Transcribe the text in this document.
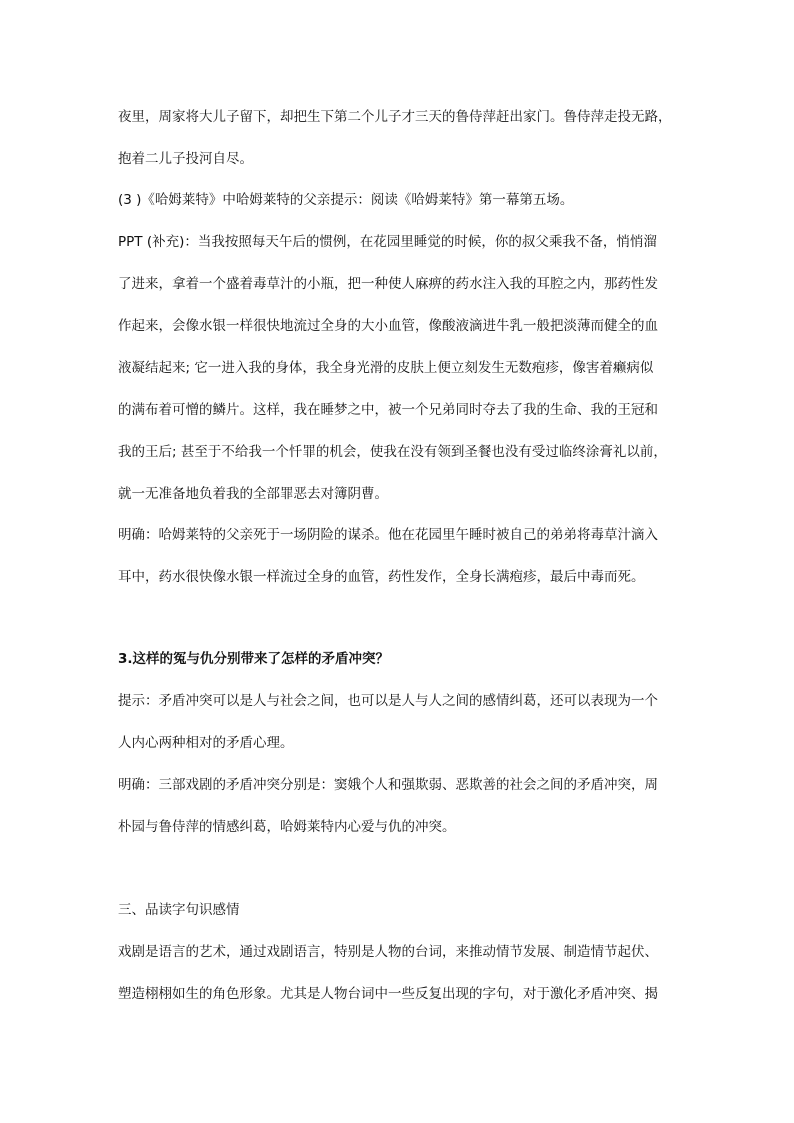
夜里，周家将大儿子留下，却把生下第二个儿子才三天的鲁侍萍赶出家门。鲁侍萍走投无路，
抱着二儿子投河自尽。
(3 )《哈姆莱特》中哈姆莱特的父亲提示：阅读《哈姆莱特》第一幕第五场。
PPT (补充)：当我按照每天午后的惯例，在花园里睡觉的时候，你的叔父乘我不备，悄悄溜
了进来，拿着一个盛着毒草汁的小瓶，把一种使人麻痹的药水注入我的耳腔之内，那药性发
作起来，会像水银一样很快地流过全身的大小血管，像酸液滴进牛乳一般把淡薄而健全的血
液凝结起来; 它一进入我的身体，我全身光滑的皮肤上便立刻发生无数疱疹，像害着癞病似
的满布着可憎的鳞片。这样，我在睡梦之中，被一个兄弟同时夺去了我的生命、我的王冠和
我的王后; 甚至于不给我一个忏罪的机会，使我在没有领到圣餐也没有受过临终涂膏礼以前，
就一无准备地负着我的全部罪恶去对簿阴曹。
明确：哈姆莱特的父亲死于一场阴险的谋杀。他在花园里午睡时被自己的弟弟将毒草汁滴入
耳中，药水很快像水银一样流过全身的血管，药性发作，全身长满疱疹，最后中毒而死。
3.这样的冤与仇分别带来了怎样的矛盾冲突？
提示：矛盾冲突可以是人与社会之间，也可以是人与人之间的感情纠葛，还可以表现为一个
人内心两种相对的矛盾心理。
明确：三部戏剧的矛盾冲突分别是：窦娥个人和强欺弱、恶欺善的社会之间的矛盾冲突，周
朴园与鲁侍萍的情感纠葛，哈姆莱特内心爱与仇的冲突。
三、品读字句识感情
戏剧是语言的艺术，通过戏剧语言，特别是人物的台词，来推动情节发展、制造情节起伏、
塑造栩栩如生的角色形象。尤其是人物台词中一些反复出现的字句，对于激化矛盾冲突、揭
